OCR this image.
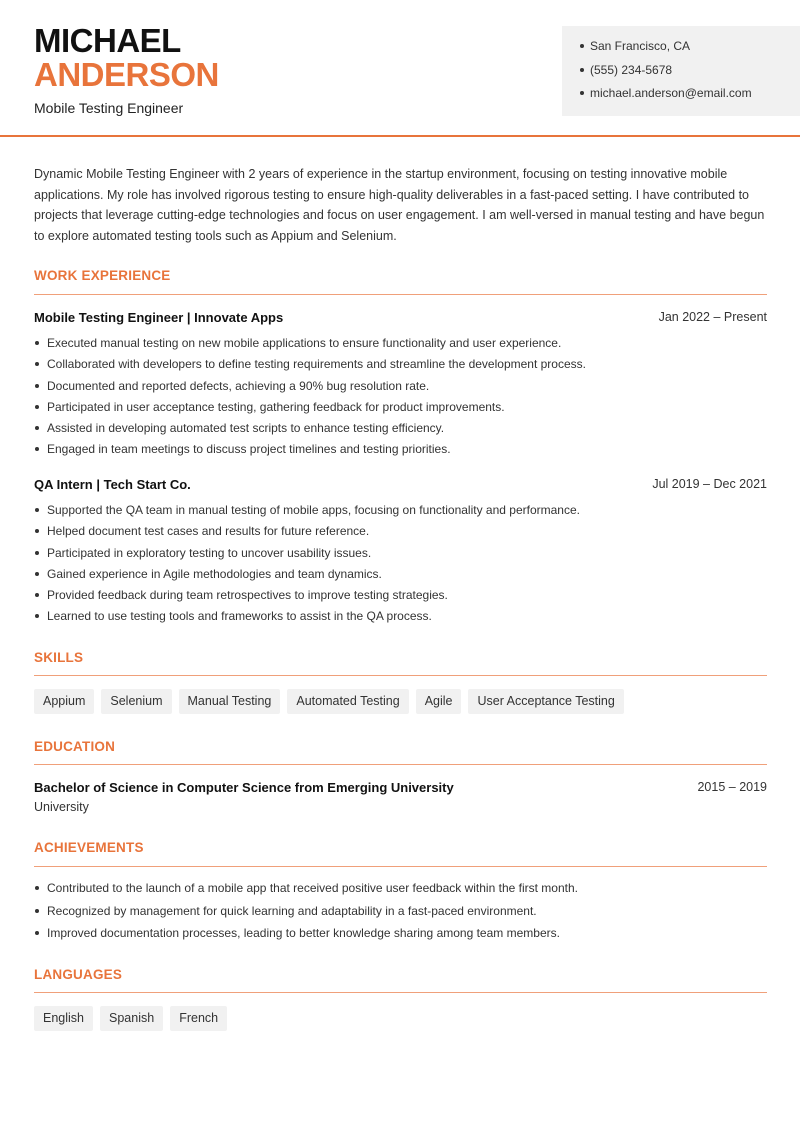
MICHAEL
ANDERSON
Mobile Testing Engineer
San Francisco, CA
(555) 234-5678
michael.anderson@email.com

Dynamic Mobile Testing Engineer with 2 years of experience in the startup environment, focusing on testing innovative mobile applications. My role has involved rigorous testing to ensure high-quality deliverables in a fast-paced setting. I have contributed to projects that leverage cutting-edge technologies and focus on user engagement. I am well-versed in manual testing and have begun to explore automated testing tools such as Appium and Selenium.

WORK EXPERIENCE
Mobile Testing Engineer | Innovate Apps	Jan 2022 – Present
Executed manual testing on new mobile applications to ensure functionality and user experience.
Collaborated with developers to define testing requirements and streamline the development process.
Documented and reported defects, achieving a 90% bug resolution rate.
Participated in user acceptance testing, gathering feedback for product improvements.
Assisted in developing automated test scripts to enhance testing efficiency.
Engaged in team meetings to discuss project timelines and testing priorities.
QA Intern | Tech Start Co.	Jul 2019 – Dec 2021
Supported the QA team in manual testing of mobile apps, focusing on functionality and performance.
Helped document test cases and results for future reference.
Participated in exploratory testing to uncover usability issues.
Gained experience in Agile methodologies and team dynamics.
Provided feedback during team retrospectives to improve testing strategies.
Learned to use testing tools and frameworks to assist in the QA process.
SKILLS
Appium	Selenium	Manual Testing	Automated Testing	Agile	User Acceptance Testing
EDUCATION
Bachelor of Science in Computer Science from Emerging University	2015 – 2019
University
ACHIEVEMENTS
Contributed to the launch of a mobile app that received positive user feedback within the first month.
Recognized by management for quick learning and adaptability in a fast-paced environment.
Improved documentation processes, leading to better knowledge sharing among team members.
LANGUAGES
English	Spanish	French
